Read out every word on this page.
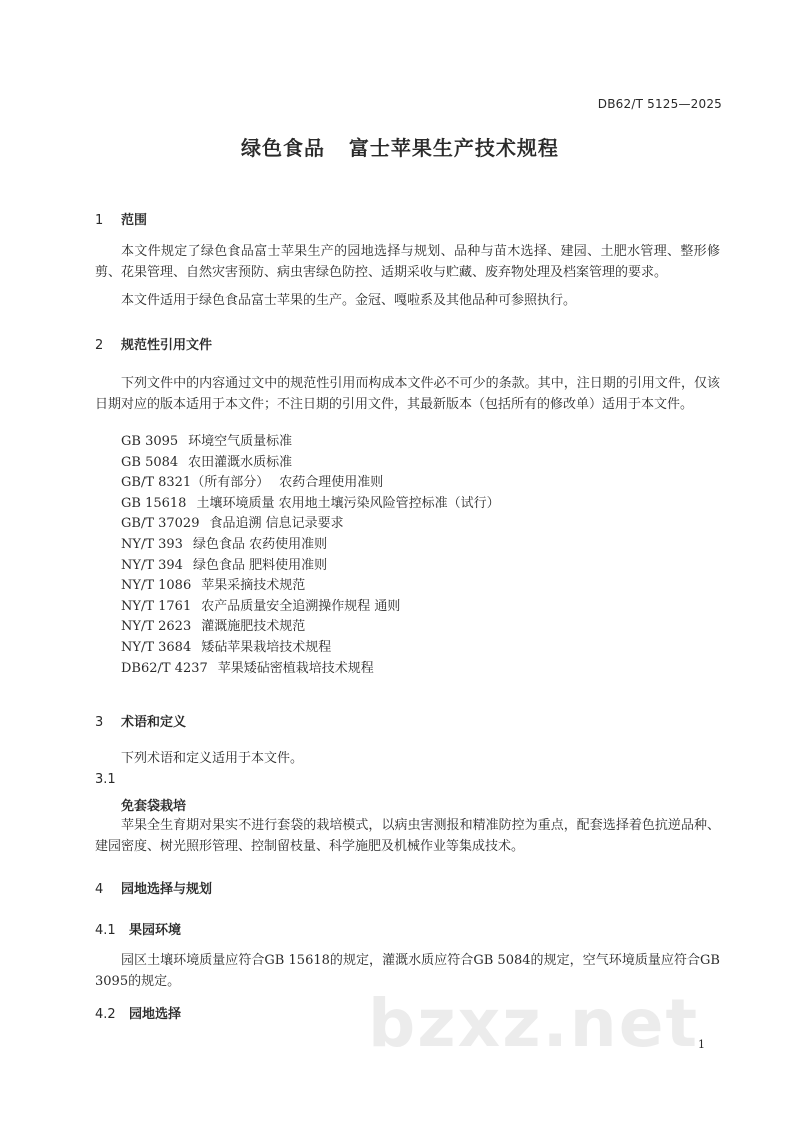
DB62/T 5125—2025
绿色食品   富士苹果生产技术规程
1 范围
本文件规定了绿色食品富士苹果生产的园地选择与规划、品种与苗木选择、建园、土肥水管理、整形修剪、花果管理、自然灾害预防、病虫害绿色防控、适期采收与贮藏、废弃物处理及档案管理的要求。
本文件适用于绿色食品富士苹果的生产。金冠、嘎啦系及其他品种可参照执行。
2 规范性引用文件
下列文件中的内容通过文中的规范性引用而构成本文件必不可少的条款。其中，注日期的引用文件，仅该日期对应的版本适用于本文件；不注日期的引用文件，其最新版本（包括所有的修改单）适用于本文件。
GB 3095 环境空气质量标准
GB 5084 农田灌溉水质标准
GB/T 8321（所有部分） 农药合理使用准则
GB 15618 土壤环境质量 农用地土壤污染风险管控标准（试行）
GB/T 37029 食品追溯 信息记录要求
NY/T 393 绿色食品 农药使用准则
NY/T 394 绿色食品 肥料使用准则
NY/T 1086 苹果采摘技术规范
NY/T 1761 农产品质量安全追溯操作规程 通则
NY/T 2623 灌溉施肥技术规范
NY/T 3684 矮砧苹果栽培技术规程
DB62/T 4237 苹果矮砧密植栽培技术规程
3 术语和定义
下列术语和定义适用于本文件。
3.1
免套袋栽培
苹果全生育期对果实不进行套袋的栽培模式，以病虫害测报和精准防控为重点，配套选择着色抗逆品种、建园密度、树光照形管理、控制留枝量、科学施肥及机械作业等集成技术。
4 园地选择与规划
4.1 果园环境
园区土壤环境质量应符合GB 15618的规定，灌溉水质应符合GB 5084的规定，空气环境质量应符合GB 3095的规定。
4.2 园地选择	bzxz.net
1
